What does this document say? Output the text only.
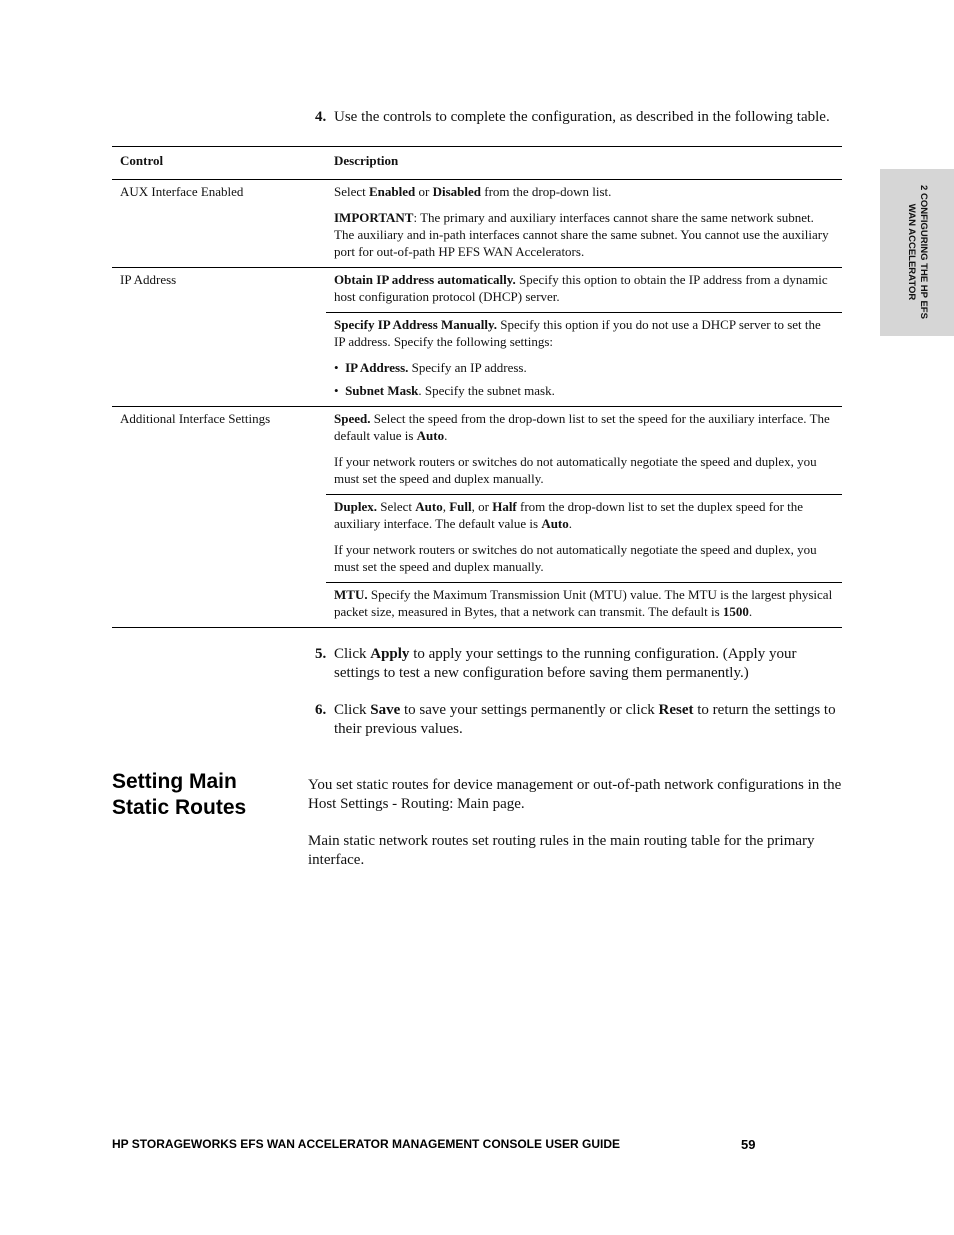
4. Use the controls to complete the configuration, as described in the following table.
Control	Description
AUX Interface Enabled	Select Enabled or Disabled from the drop-down list.
IMPORTANT: The primary and auxiliary interfaces cannot share the same network subnet. The auxiliary and in-path interfaces cannot share the same subnet. You cannot use the auxiliary port for out-of-path HP EFS WAN Accelerators.
IP Address	Obtain IP address automatically. Specify this option to obtain the IP address from a dynamic host configuration protocol (DHCP) server.
Specify IP Address Manually. Specify this option if you do not use a DHCP server to set the IP address. Specify the following settings:
• IP Address. Specify an IP address.
• Subnet Mask. Specify the subnet mask.
Additional Interface Settings	Speed. Select the speed from the drop-down list to set the speed for the auxiliary interface. The default value is Auto.
If your network routers or switches do not automatically negotiate the speed and duplex, you must set the speed and duplex manually.
Duplex. Select Auto, Full, or Half from the drop-down list to set the duplex speed for the auxiliary interface. The default value is Auto.
If your network routers or switches do not automatically negotiate the speed and duplex, you must set the speed and duplex manually.
MTU. Specify the Maximum Transmission Unit (MTU) value. The MTU is the largest physical packet size, measured in Bytes, that a network can transmit. The default is 1500.
5. Click Apply to apply your settings to the running configuration. (Apply your settings to test a new configuration before saving them permanently.)
6. Click Save to save your settings permanently or click Reset to return the settings to their previous values.
Setting Main
Static Routes
You set static routes for device management or out-of-path network configurations in the Host Settings - Routing: Main page.
Main static network routes set routing rules in the main routing table for the primary interface.
2 CONFIGURING THE HP EFS
WAN ACCELERATOR
HP STORAGEWORKS EFS WAN ACCELERATOR MANAGEMENT CONSOLE USER GUIDE	59
